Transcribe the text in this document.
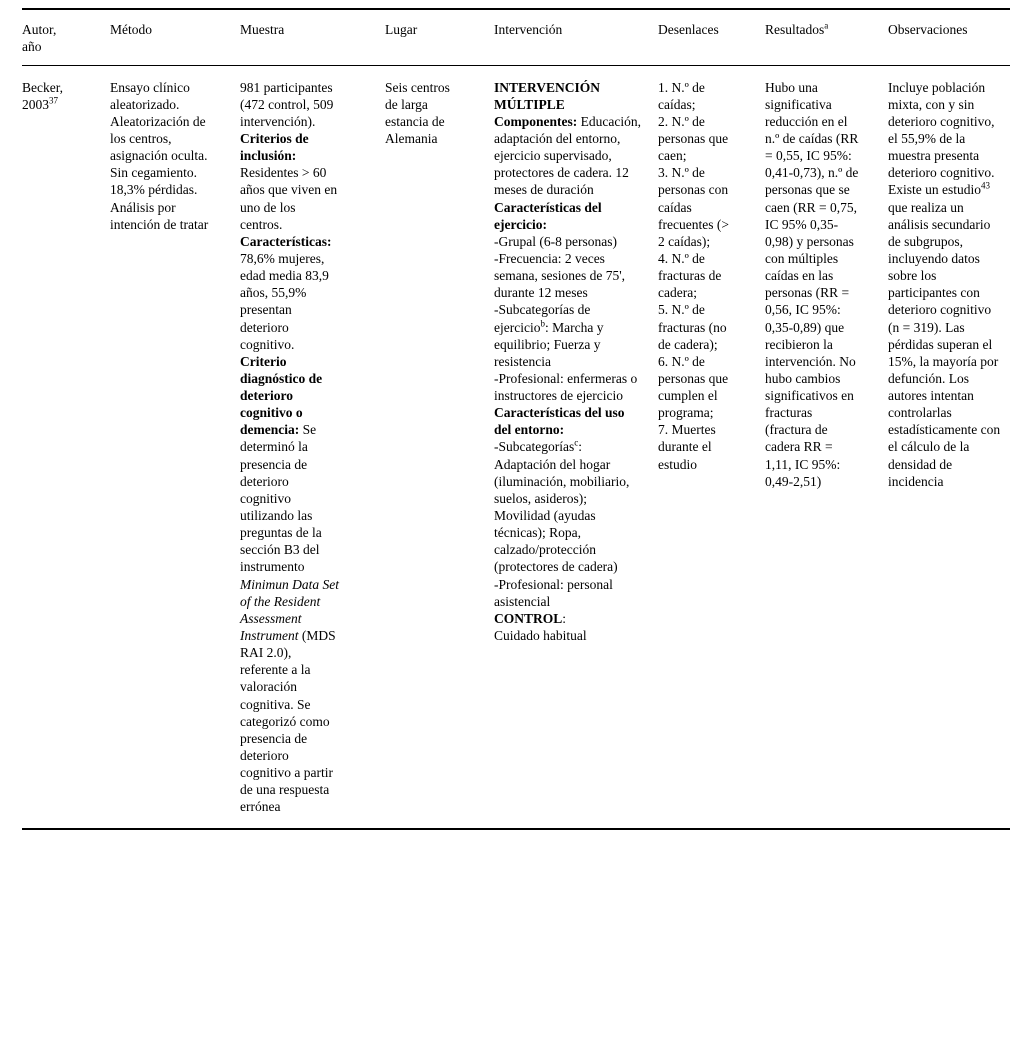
Autor,
año	Método	Muestra	Lugar	Intervención	Desenlaces	Resultados$^a$	Observaciones

Becker, 2003$^{37}$

Ensayo clínico aleatorizado. Aleatorización de los centros, asignación oculta. Sin cegamiento. 18,3% pérdidas. Análisis por intención de tratar

981 participantes (472 control, 509 intervención). Criterios de inclusión: Residentes > 60 años que viven en uno de los centros. Características: 78,6% mujeres, edad media 83,9 años, 55,9% presentan deterioro cognitivo. Criterio diagnóstico de deterioro cognitivo o demencia: Se determinó la presencia de deterioro cognitivo utilizando las preguntas de la sección B3 del instrumento Minimun Data Set of the Resident Assessment Instrument (MDS RAI 2.0), referente a la valoración cognitiva. Se categorizó como presencia de deterioro cognitivo a partir de una respuesta errónea

Seis centros de larga estancia de Alemania

INTERVENCIÓN MÚLTIPLE
Componentes: Educación, adaptación del entorno, ejercicio supervisado, protectores de cadera. 12 meses de duración
Características del ejercicio:
-Grupal (6-8 personas)
-Frecuencia: 2 veces semana, sesiones de 75', durante 12 meses
-Subcategorías de ejercicio$^b$: Marcha y equilibrio; Fuerza y resistencia
-Profesional: enfermeras o instructores de ejercicio
Características del uso del entorno:
-Subcategorías$^c$: Adaptación del hogar (iluminación, mobiliario, suelos, asideros); Movilidad (ayudas técnicas); Ropa, calzado/protección (protectores de cadera)
-Profesional: personal asistencial
CONTROL:
Cuidado habitual

1. N.º de caídas;
2. N.º de personas que caen;
3. N.º de personas con caídas frecuentes (> 2 caídas);
4. N.º de fracturas de cadera;
5. N.º de fracturas (no de cadera);
6. N.º de personas que cumplen el programa;
7. Muertes durante el estudio

Hubo una significativa reducción en el n.º de caídas (RR = 0,55, IC 95%: 0,41-0,73), n.º de personas que se caen (RR = 0,75, IC 95% 0,35-0,98) y personas con múltiples caídas en las personas (RR = 0,56, IC 95%: 0,35-0,89) que recibieron la intervención. No hubo cambios significativos en fracturas (fractura de cadera RR = 1,11, IC 95%: 0,49-2,51)

Incluye población mixta, con y sin deterioro cognitivo, el 55,9% de la muestra presenta deterioro cognitivo. Existe un estudio$^{43}$ que realiza un análisis secundario de subgrupos, incluyendo datos sobre los participantes con deterioro cognitivo (n = 319). Las pérdidas superan el 15%, la mayoría por defunción. Los autores intentan controlarlas estadísticamente con el cálculo de la densidad de incidencia
